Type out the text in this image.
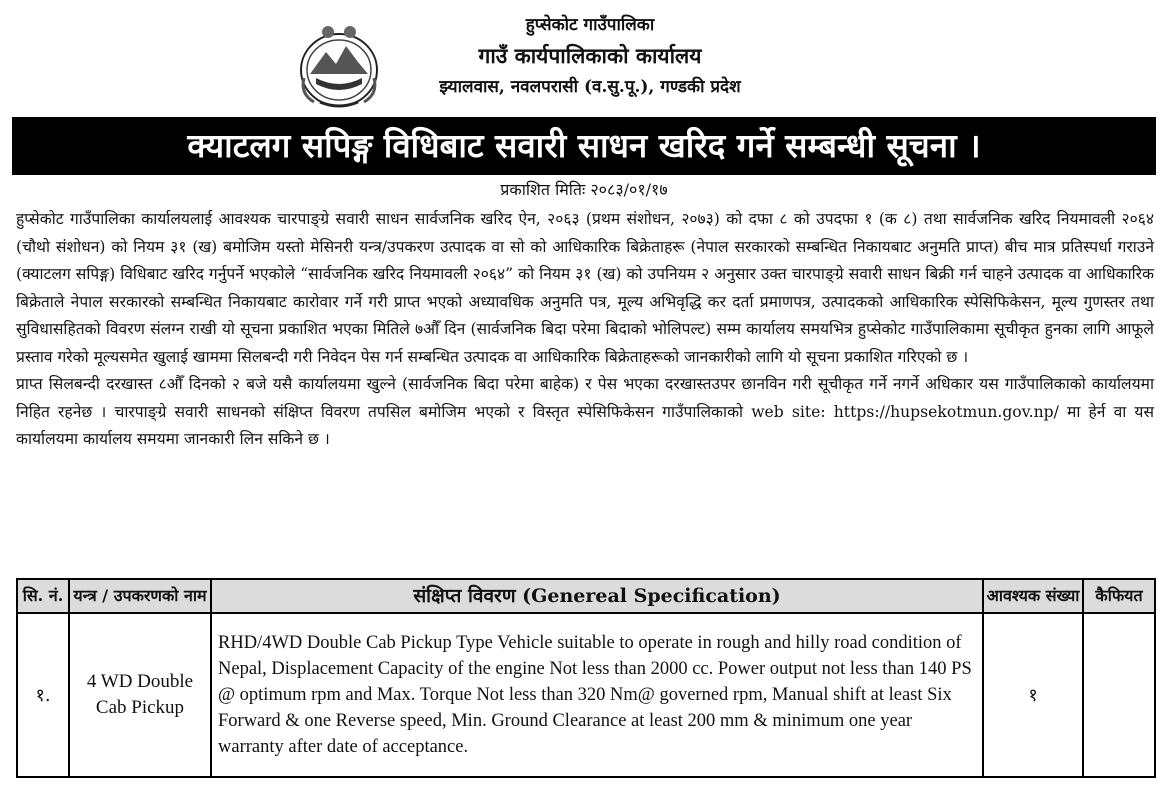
हुप्सेकोट गाउँपालिका
गाउँ कार्यपालिकाको कार्यालय
झ्यालवास, नवलपरासी (व.सु.पू.), गण्डकी प्रदेश
क्याटलग सपिङ्ग विधिबाट सवारी साधन खरिद गर्ने सम्बन्धी सूचना ।
प्रकाशित मितिः २०८३/०१/१७

हुप्सेकोट गाउँपालिका कार्यालयलाई आवश्यक चारपाङ्ग्रे सवारी साधन सार्वजनिक खरिद ऐन, २०६३ (प्रथम संशोधन, २०७३) को दफा ८ को उपदफा १ (क ८) तथा सार्वजनिक खरिद नियमावली २०६४ (चौथो संशोधन) को नियम ३१ (ख) बमोजिम यस्तो मेसिनरी यन्त्र/उपकरण उत्पादक वा सो को आधिकारिक बिक्रेताहरू (नेपाल सरकारको सम्बन्धित निकायबाट अनुमति प्राप्त) बीच मात्र प्रतिस्पर्धा गराउने (क्याटलग सपिङ्ग) विधिबाट खरिद गर्नुपर्ने भएकोले “सार्वजनिक खरिद नियमावली २०६४” को नियम ३१ (ख) को उपनियम २ अनुसार उक्त चारपाङ्ग्रे सवारी साधन बिक्री गर्न चाहने उत्पादक वा आधिकारिक बिक्रेताले नेपाल सरकारको सम्बन्धित निकायबाट कारोवार गर्ने गरी प्राप्त भएको अध्यावधिक अनुमति पत्र, मूल्य अभिवृद्धि कर दर्ता प्रमाणपत्र, उत्पादकको आधिकारिक स्पेसिफिकेसन, मूल्य गुणस्तर तथा सुविधासहितको विवरण संलग्न राखी यो सूचना प्रकाशित भएका मितिले ७औँ दिन (सार्वजनिक बिदा परेमा बिदाको भोलिपल्ट) सम्म कार्यालय समयभित्र हुप्सेकोट गाउँपालिकामा सूचीकृत हुनका लागि आफूले प्रस्ताव गरेको मूल्यसमेत खुलाई खाममा सिलबन्दी गरी निवेदन पेस गर्न सम्बन्धित उत्पादक वा आधिकारिक बिक्रेताहरूको जानकारीको लागि यो सूचना प्रकाशित गरिएको छ ।

प्राप्त सिलबन्दी दरखास्त ८औँ दिनको २ बजे यसै कार्यालयमा खुल्ने (सार्वजनिक बिदा परेमा बाहेक) र पेस भएका दरखास्तउपर छानविन गरी सूचीकृत गर्ने नगर्ने अधिकार यस गाउँपालिकाको कार्यालयमा निहित रहनेछ । चारपाङ्ग्रे सवारी साधनको संक्षिप्त विवरण तपसिल बमोजिम भएको र विस्तृत स्पेसिफिकेसन गाउँपालिकाको web site: https://hupsekotmun.gov.np/ मा हेर्न वा यस कार्यालयमा कार्यालय समयमा जानकारी लिन सकिने छ ।

सि. नं.	यन्त्र / उपकरणको नाम	संक्षिप्त विवरण (Genereal Specification)	आवश्यक संख्या	कैफियत
१.	4 WD Double Cab Pickup	RHD/4WD Double Cab Pickup Type Vehicle suitable to operate in rough and hilly road condition of Nepal, Displacement Capacity of the engine Not less than 2000 cc. Power output not less than 140 PS @ optimum rpm and Max. Torque Not less than 320 Nm@ governed rpm, Manual shift at least Six Forward & one Reverse speed, Min. Ground Clearance at least 200 mm & minimum one year warranty after date of acceptance.	१	
